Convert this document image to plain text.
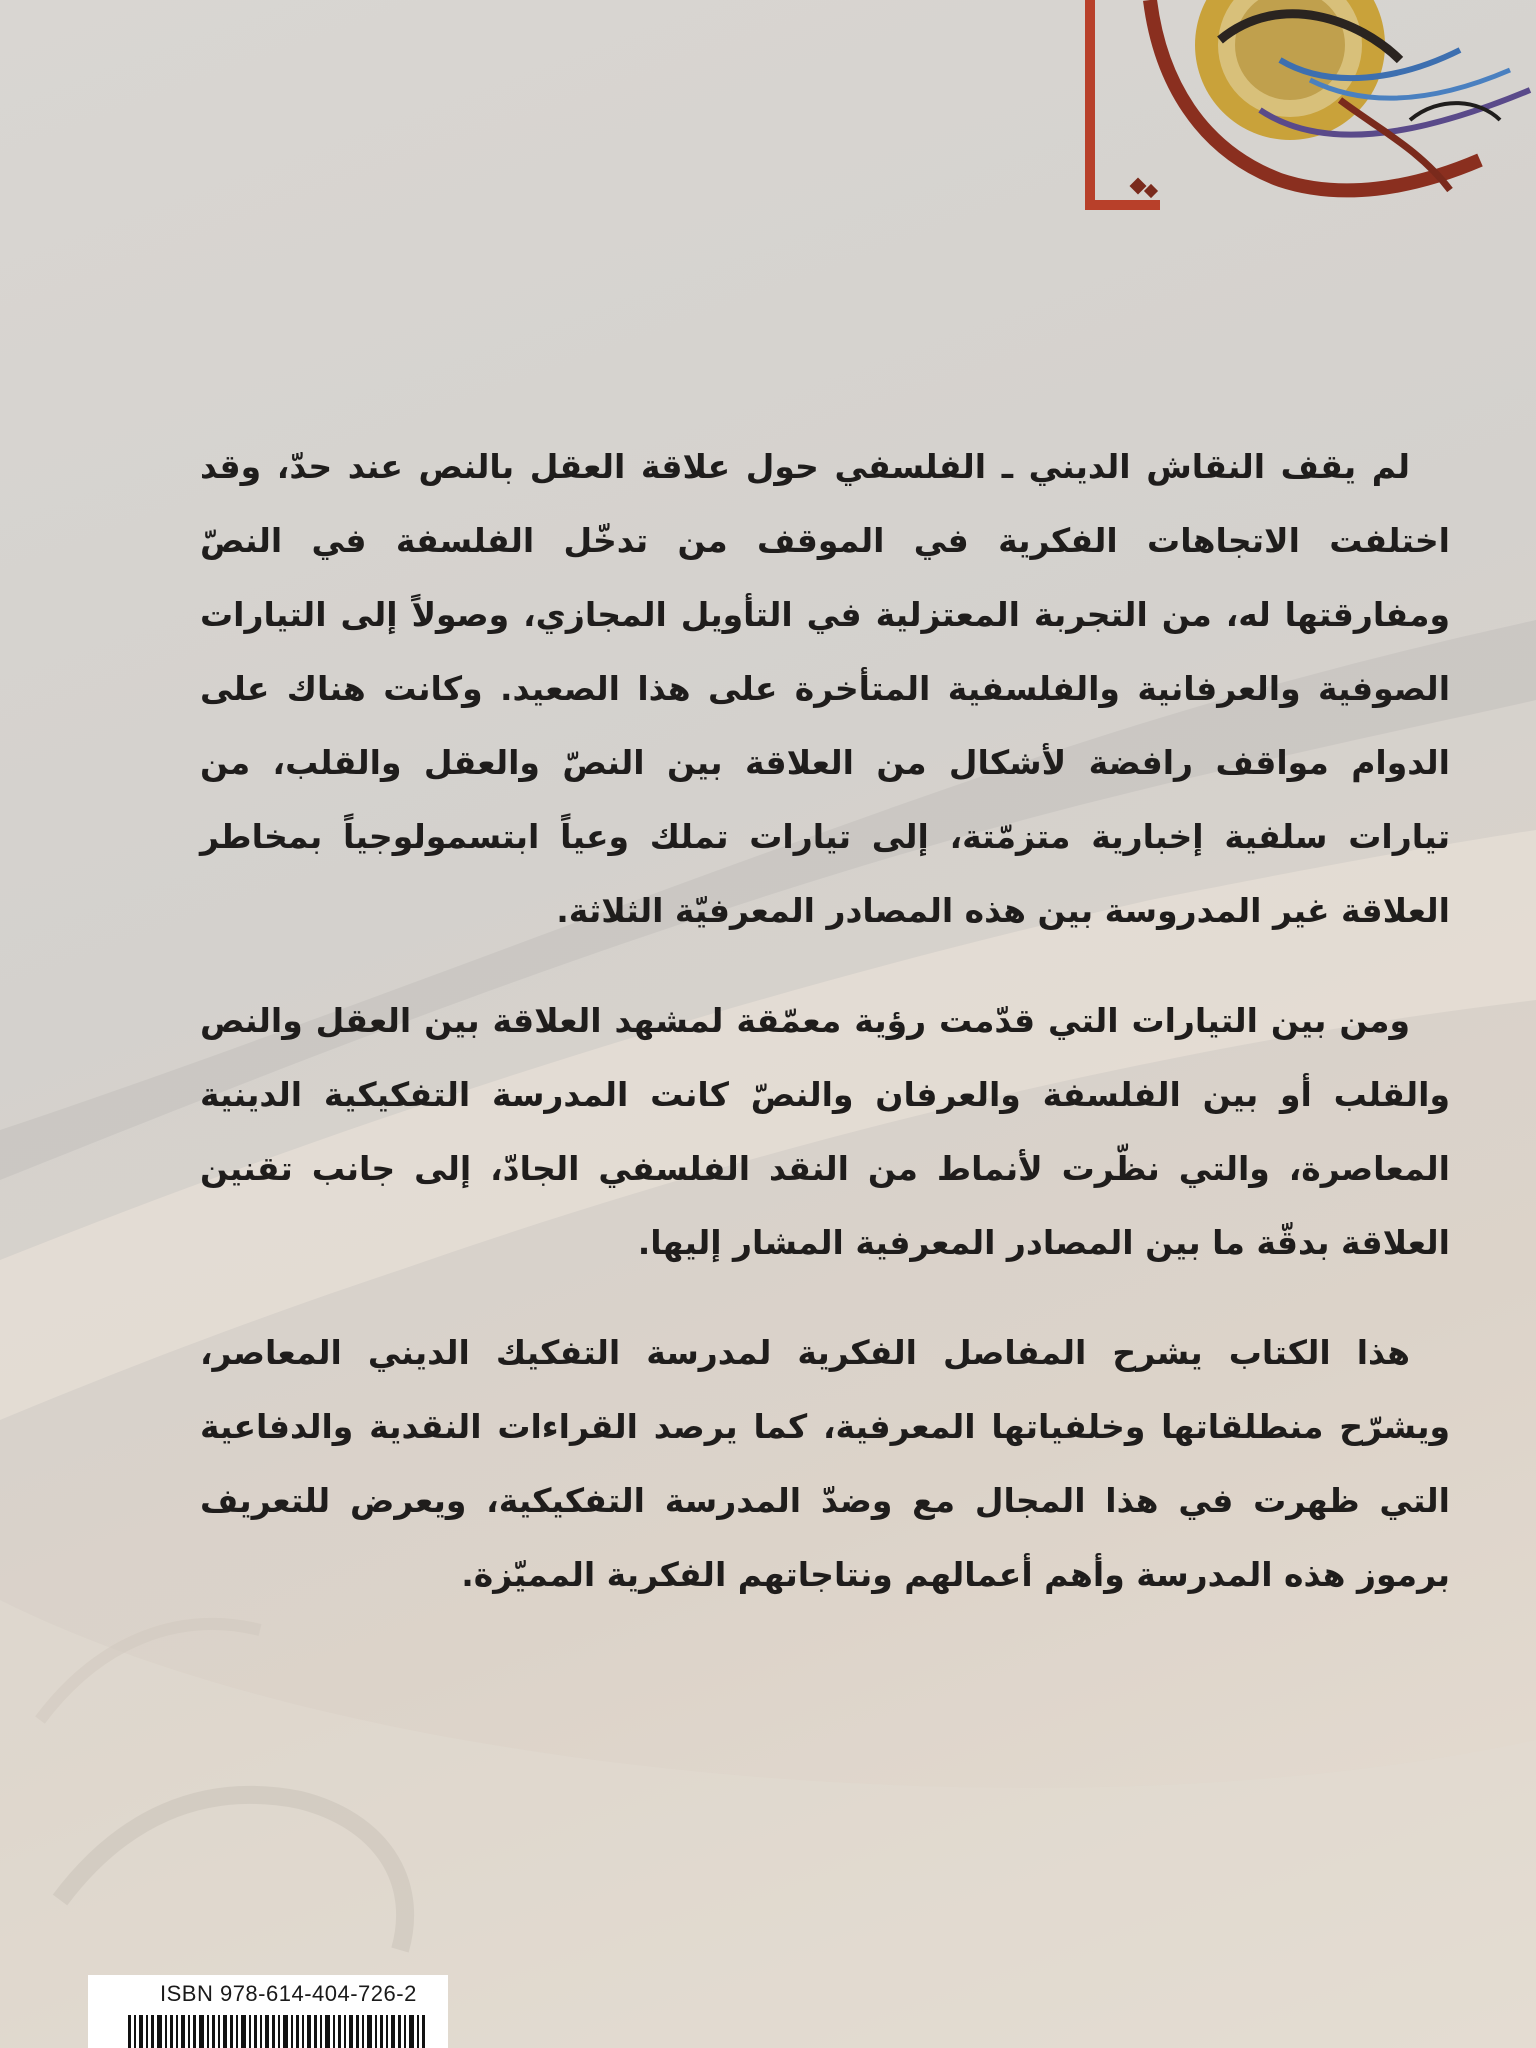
لم يقف النقاش الديني ـ الفلسفي حول علاقة العقل بالنص عند حدّ، وقد اختلفت الاتجاهات الفكرية في الموقف من تدخّل الفلسفة في النصّ ومفارقتها له، من التجربة المعتزلية في التأويل المجازي، وصولاً إلى التيارات الصوفية والعرفانية والفلسفية المتأخرة على هذا الصعيد. وكانت هناك على الدوام مواقف رافضة لأشكال من العلاقة بين النصّ والعقل والقلب، من تيارات سلفية إخبارية متزمّتة، إلى تيارات تملك وعياً ابتسمولوجياً بمخاطر العلاقة غير المدروسة بين هذه المصادر المعرفيّة الثلاثة.

ومن بين التيارات التي قدّمت رؤية معمّقة لمشهد العلاقة بين العقل والنص والقلب أو بين الفلسفة والعرفان والنصّ كانت المدرسة التفكيكية الدينية المعاصرة، والتي نظّرت لأنماط من النقد الفلسفي الجادّ، إلى جانب تقنين العلاقة بدقّة ما بين المصادر المعرفية المشار إليها.

هذا الكتاب يشرح المفاصل الفكرية لمدرسة التفكيك الديني المعاصر، ويشرّح منطلقاتها وخلفياتها المعرفية، كما يرصد القراءات النقدية والدفاعية التي ظهرت في هذا المجال مع وضدّ المدرسة التفكيكية، ويعرض للتعريف برموز هذه المدرسة وأهم أعمالهم ونتاجاتهم الفكرية المميّزة.

ISBN 978-614-404-726-2
